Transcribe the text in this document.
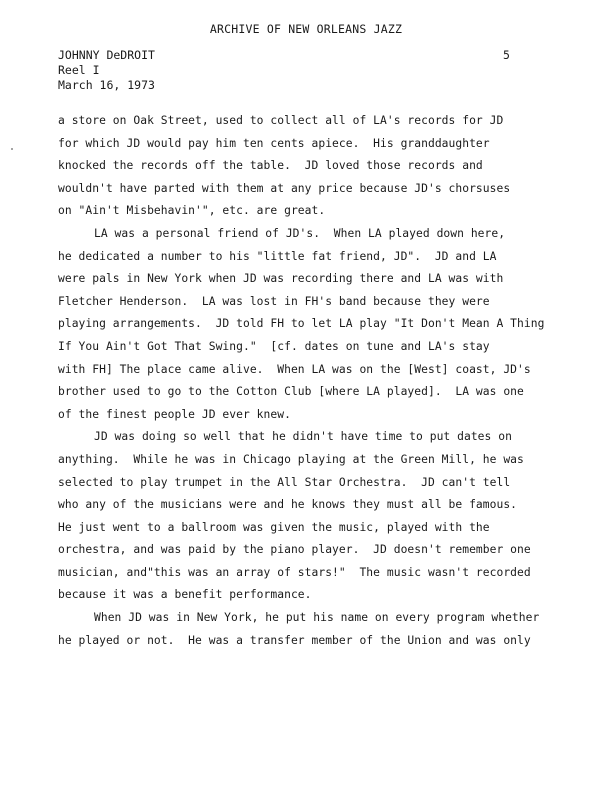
ARCHIVE OF NEW ORLEANS JAZZ
JOHNNY DeDROIT
Reel I
March 16, 1973
5
a store on Oak Street, used to collect all of LA's records for JD
for which JD would pay him ten cents apiece.  His granddaughter
knocked the records off the table.  JD loved those records and
wouldn't have parted with them at any price because JD's chorsuses
on "Ain't Misbehavin'", etc. are great.
LA was a personal friend of JD's.  When LA played down here,
he dedicated a number to his "little fat friend, JD".  JD and LA
were pals in New York when JD was recording there and LA was with
Fletcher Henderson.  LA was lost in FH's band because they were
playing arrangements.  JD told FH to let LA play "It Don't Mean A Thing
If You Ain't Got That Swing."  [cf. dates on tune and LA's stay
with FH] The place came alive.  When LA was on the [West] coast, JD's
brother used to go to the Cotton Club [where LA played].  LA was one
of the finest people JD ever knew.
JD was doing so well that he didn't have time to put dates on
anything.  While he was in Chicago playing at the Green Mill, he was
selected to play trumpet in the All Star Orchestra.  JD can't tell
who any of the musicians were and he knows they must all be famous.
He just went to a ballroom was given the music, played with the
orchestra, and was paid by the piano player.  JD doesn't remember one
musician, and"this was an array of stars!"  The music wasn't recorded
because it was a benefit performance.
When JD was in New York, he put his name on every program whether
he played or not.  He was a transfer member of the Union and was only
